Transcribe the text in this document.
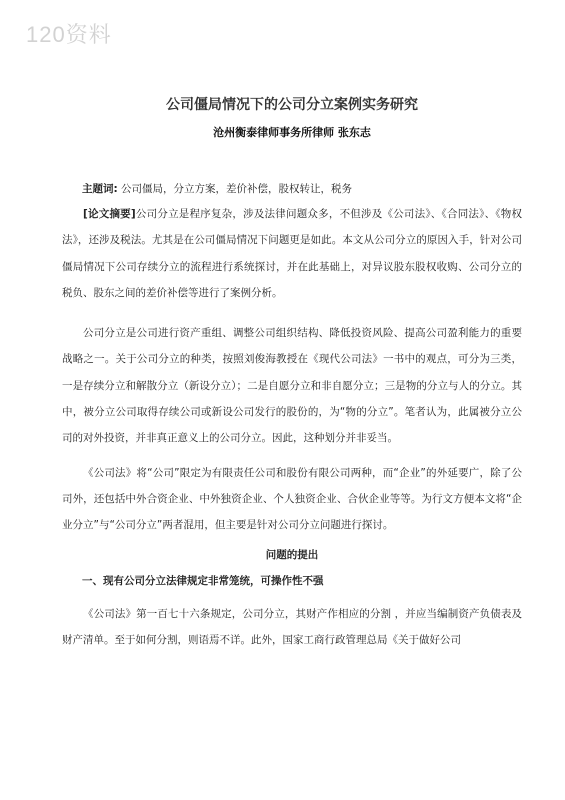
120资料
公司僵局情况下的公司分立案例实务研究
沧州衡泰律师事务所律师 张东志
主题词: 公司僵局，分立方案，差价补偿，股权转让，税务

[论文摘要]公司分立是程序复杂，涉及法律问题众多，不但涉及《公司法》、《合同法》、《物权法》，还涉及税法。尤其是在公司僵局情况下问题更是如此。本文从公司分立的原因入手，针对公司僵局情况下公司存续分立的流程进行系统探讨，并在此基础上，对异议股东股权收购、公司分立的税负、股东之间的差价补偿等进行了案例分析。

公司分立是公司进行资产重组、调整公司组织结构、降低投资风险、提高公司盈利能力的重要战略之一。关于公司分立的种类，按照刘俊海教授在《现代公司法》一书中的观点，可分为三类，一是存续分立和解散分立（新设分立）；二是自愿分立和非自愿分立；三是物的分立与人的分立。其中，被分立公司取得存续公司或新设公司发行的股份的，为“物的分立”。笔者认为，此属被分立公司的对外投资，并非真正意义上的公司分立。因此，这种划分并非妥当。

《公司法》将“公司”限定为有限责任公司和股份有限公司两种，而“企业”的外延要广，除了公司外，还包括中外合资企业、中外独资企业、个人独资企业、合伙企业等等。为行文方便本文将“企业分立”与“公司分立”两者混用，但主要是针对公司分立问题进行探讨。

问题的提出
一、现有公司分立法律规定非常笼统，可操作性不强

《公司法》第一百七十六条规定，公司分立，其财产作相应的分割 ，并应当编制资产负债表及财产清单。至于如何分割，则语焉不详。此外，国家工商行政管理总局《关于做好公司
